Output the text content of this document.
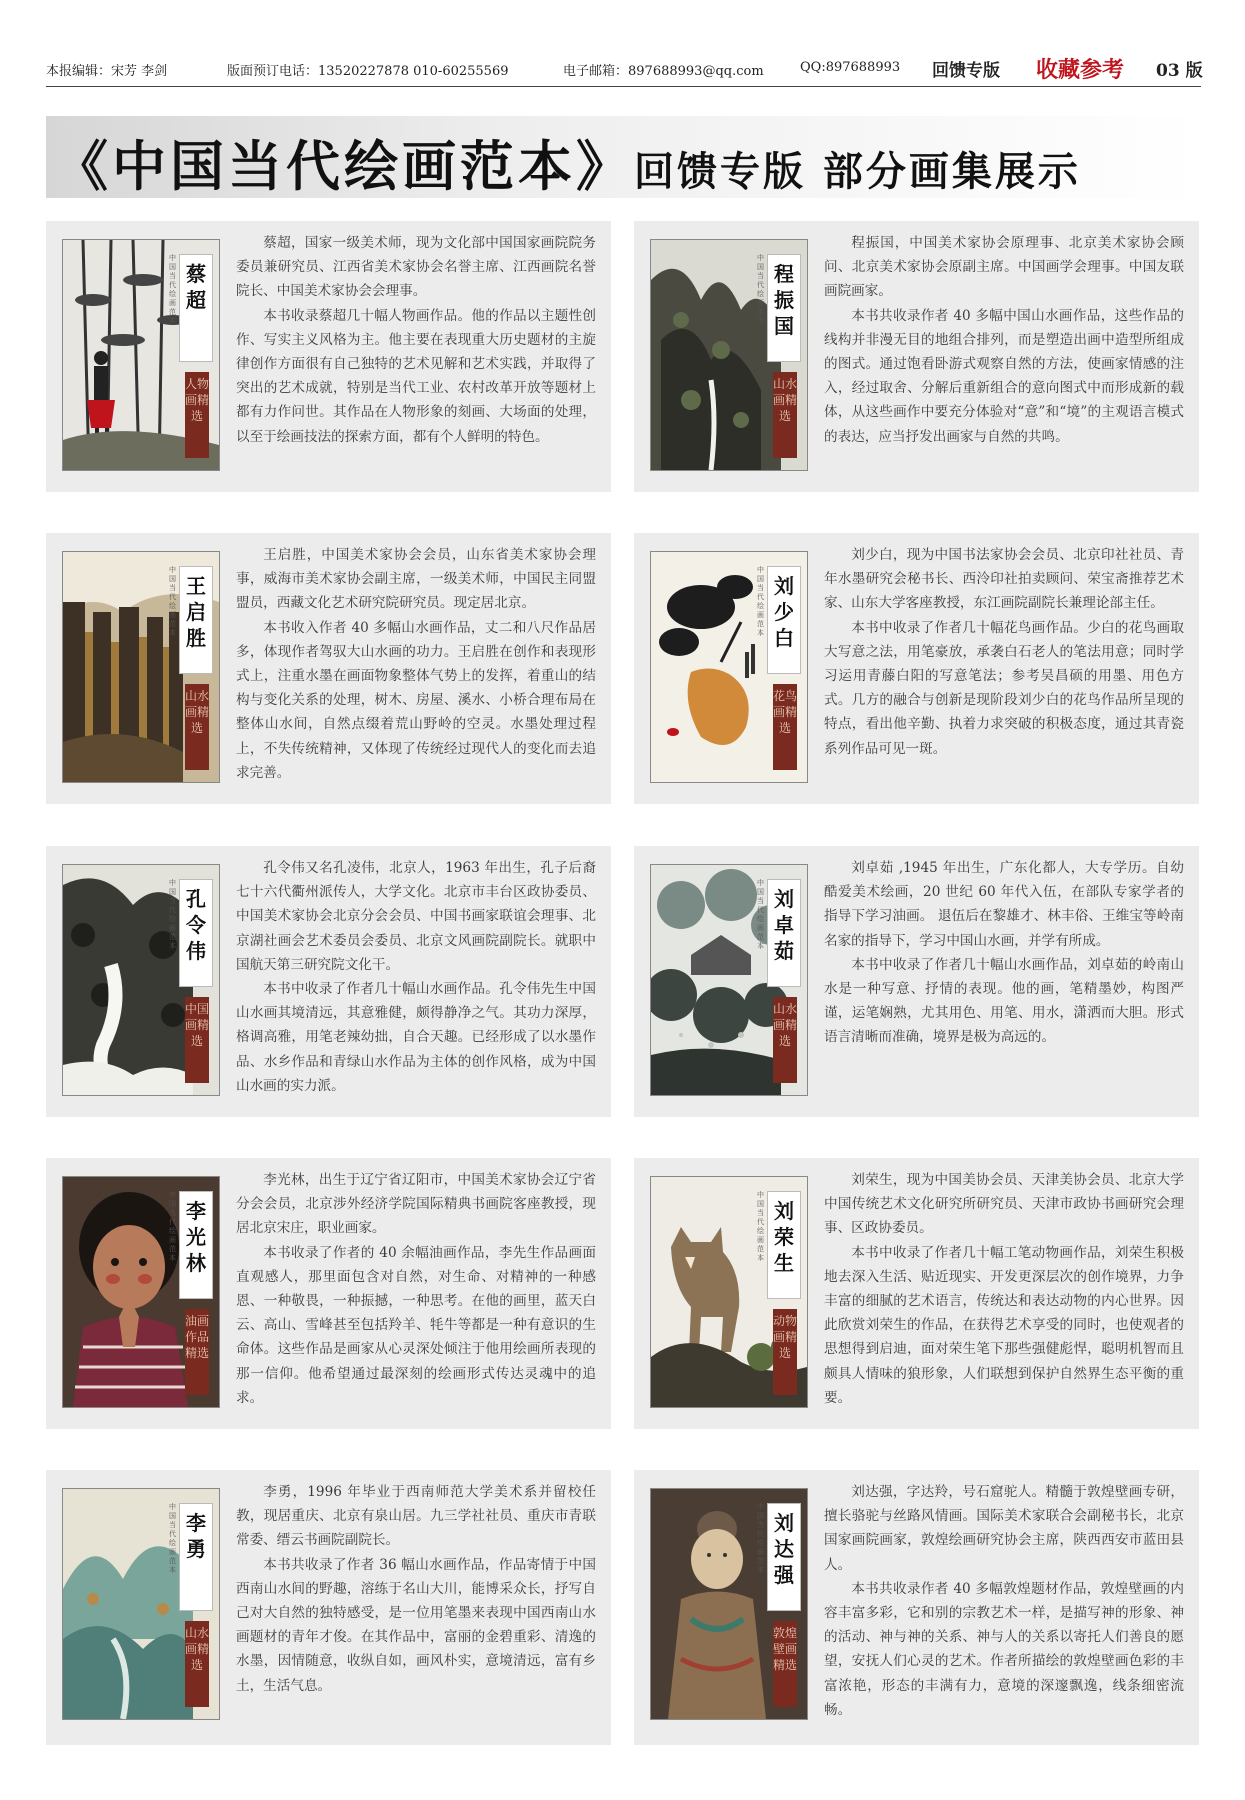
本报编辑：宋芳 李剑	版面预订电话：13520227878 010-60255569	电子邮箱：897688993@qq.com	QQ:897688993 回馈专版 收藏参考 03 版
《中国当代绘画范本》回馈专版 部分画集展示
中国当代绘画范本
蔡超
人物画精选

蔡超，国家一级美术师，现为文化部中国国家画院院务委员兼研究员、江西省美术家协会名誉主席、江西画院名誉院长、中国美术家协会会理事。

本书收录蔡超几十幅人物画作品。他的作品以主题性创作、写实主义风格为主。他主要在表现重大历史题材的主旋律创作方面很有自己独特的艺术见解和艺术实践，并取得了突出的艺术成就，特别是当代工业、农村改革开放等题材上都有力作问世。其作品在人物形象的刻画、大场面的处理，以至于绘画技法的探索方面，都有个人鲜明的特色。

中国当代绘画范本
程振国
山水画精选

程振国，中国美术家协会原理事、北京美术家协会顾问、北京美术家协会原副主席。中国画学会理事。中国友联画院画家。

本书共收录作者 40 多幅中国山水画作品，这些作品的线构并非漫无目的地组合排列，而是塑造出画中造型所组成的图式。通过饱看卧游式观察自然的方法，使画家情感的注入，经过取舍、分解后重新组合的意向图式中而形成新的载体，从这些画作中要充分体验对“意”和“境”的主观语言模式的表达，应当抒发出画家与自然的共鸣。

中国当代绘画范本
王启胜
山水画精选

王启胜，中国美术家协会会员，山东省美术家协会理事，威海市美术家协会副主席，一级美术师，中国民主同盟盟员，西藏文化艺术研究院研究员。现定居北京。

本书收入作者 40 多幅山水画作品，丈二和八尺作品居多，体现作者驾驭大山水画的功力。王启胜在创作和表现形式上，注重水墨在画面物象整体气势上的发挥，着重山的结构与变化关系的处理，树木、房屋、溪水、小桥合理布局在整体山水间，自然点缀着荒山野岭的空灵。水墨处理过程上，不失传统精神，又体现了传统经过现代人的变化而去追求完善。

中国当代绘画范本
刘少白
花鸟画精选

刘少白，现为中国书法家协会会员、北京印社社员、青年水墨研究会秘书长、西泠印社拍卖顾问、荣宝斋推荐艺术家、山东大学客座教授，东江画院副院长兼理论部主任。

本书中收录了作者几十幅花鸟画作品。少白的花鸟画取大写意之法，用笔豪放，承袭白石老人的笔法用意；同时学习运用青藤白阳的写意笔法；参考吴昌硕的用墨、用色方式。几方的融合与创新是现阶段刘少白的花鸟作品所呈现的特点，看出他辛勤、执着力求突破的积极态度，通过其青瓷系列作品可见一斑。

中国当代绘画范本
孔令伟
中国画精选

孔令伟又名孔凌伟，北京人，1963 年出生，孔子后裔七十六代衢州派传人，大学文化。北京市丰台区政协委员、中国美术家协会北京分会会员、中国书画家联谊会理事、北京湖社画会艺术委员会委员、北京文风画院副院长。就职中国航天第三研究院文化干。

本书中收录了作者几十幅山水画作品。孔令伟先生中国山水画其境清远，其意雅健，颇得静净之气。其功力深厚，格调高雅，用笔老辣幼拙，自合天趣。已经形成了以水墨作品、水乡作品和青绿山水作品为主体的创作风格，成为中国山水画的实力派。

中国当代绘画范本
刘卓茹
山水画精选

刘卓茹 ,1945 年出生，广东化都人，大专学历。自幼酷爱美术绘画，20 世纪 60 年代入伍，在部队专家学者的指导下学习油画。 退伍后在黎雄才、林丰俗、王维宝等岭南名家的指导下，学习中国山水画，并学有所成。

本书中收录了作者几十幅山水画作品，刘卓茹的岭南山水是一种写意、抒情的表现。他的画，笔精墨妙，构图严谨，运笔娴熟，尤其用色、用笔、用水，潇洒而大胆。形式语言清晰而准确，境界是极为高远的。

中国当代绘画范本
李光林
油画作品精选

李光林，出生于辽宁省辽阳市，中国美术家协会辽宁省分会会员，北京涉外经济学院国际精典书画院客座教授，现居北京宋庄，职业画家。

本书收录了作者的 40 余幅油画作品，李先生作品画面直观感人，那里面包含对自然，对生命、对精神的一种感恩、一种敬畏，一种振撼，一种思考。在他的画里，蓝天白云、高山、雪峰甚至包括羚羊、牦牛等都是一种有意识的生命体。这些作品是画家从心灵深处倾注于他用绘画所表现的那一信仰。他希望通过最深刻的绘画形式传达灵魂中的追求。

中国当代绘画范本
刘荣生
动物画精选

刘荣生，现为中国美协会员、天津美协会员、北京大学中国传统艺术文化研究所研究员、天津市政协书画研究会理事、区政协委员。

本书中收录了作者几十幅工笔动物画作品，刘荣生积极地去深入生活、贴近现实、开发更深层次的创作境界，力争丰富的细腻的艺术语言，传统达和表达动物的内心世界。因此欣赏刘荣生的作品，在获得艺术享受的同时，也使观者的思想得到启迪，面对荣生笔下那些强健彪悍，聪明机智而且颇具人情味的狼形象，人们联想到保护自然界生态平衡的重要。

中国当代绘画范本
李勇
山水画精选

李勇，1996 年毕业于西南师范大学美术系并留校任教，现居重庆、北京有泉山居。九三学社社员、重庆市青联常委、缙云书画院副院长。

本书共收录了作者 36 幅山水画作品，作品寄情于中国西南山水间的野趣，溶练于名山大川，能博采众长，抒写自己对大自然的独特感受，是一位用笔墨来表现中国西南山水画题材的青年才俊。在其作品中，富丽的金碧重彩、清逸的水墨，因情随意，收纵自如，画风朴实，意境清远，富有乡土，生活气息。

中国当代绘画范本
刘达强
敦煌壁画精选

刘达强，字达羚，号石窟驼人。精髓于敦煌壁画专研，擅长骆驼与丝路风情画。国际美术家联合会副秘书长，北京国家画院画家，敦煌绘画研究协会主席，陕西西安市蓝田县人。

本书共收录作者 40 多幅敦煌题材作品，敦煌壁画的内容丰富多彩，它和别的宗教艺术一样，是描写神的形象、神的活动、神与神的关系、神与人的关系以寄托人们善良的愿望，安抚人们心灵的艺术。作者所描绘的敦煌壁画色彩的丰富浓艳，形态的丰满有力，意境的深邃飘逸，线条细密流畅。
